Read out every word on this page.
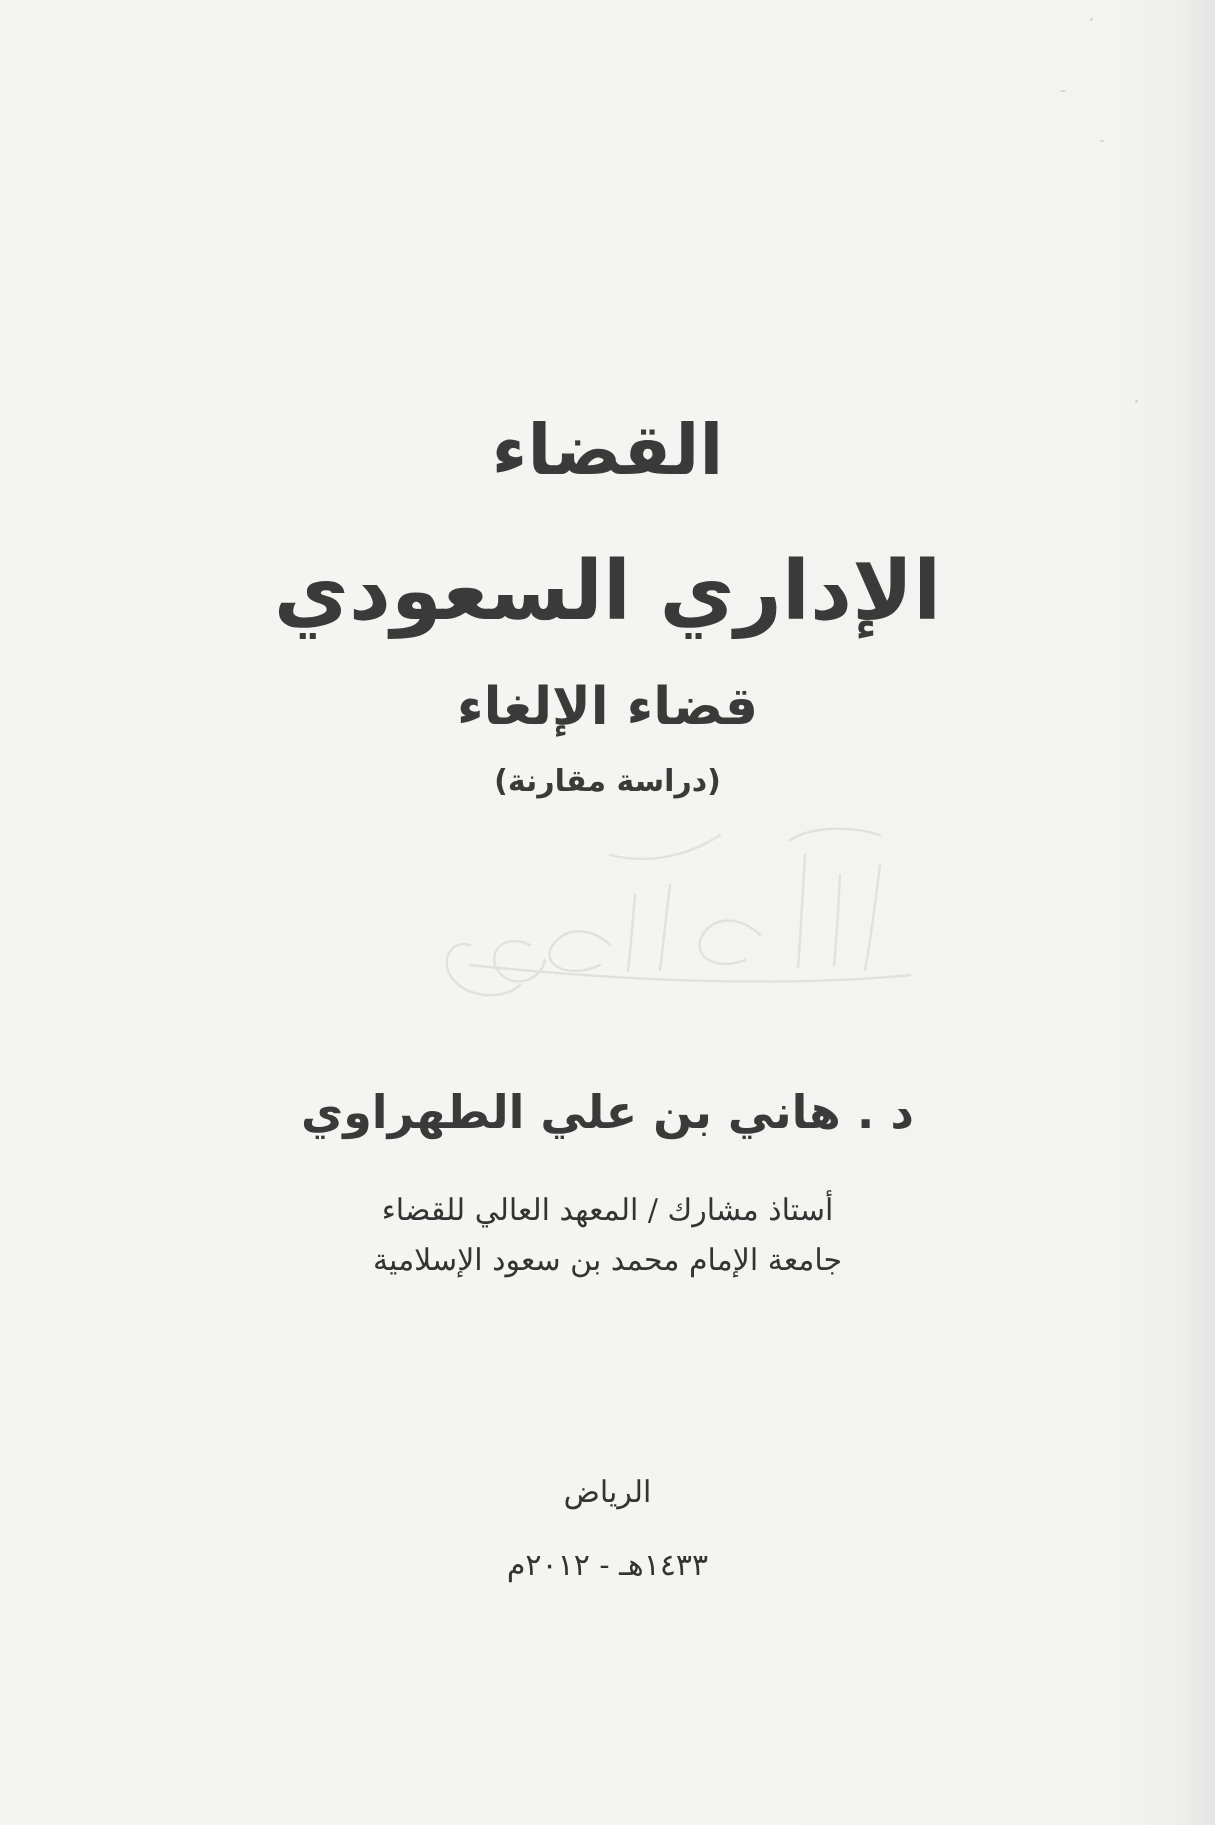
القضاء
الإداري السعودي
قضاء الإلغاء

(دراسة مقارنة)

د . هاني بن علي الطهراوي

أستاذ مشارك / المعهد العالي للقضاء

جامعة الإمام محمد بن سعود الإسلامية

الرياض

١٤٣٣هـ - ٢٠١٢م
